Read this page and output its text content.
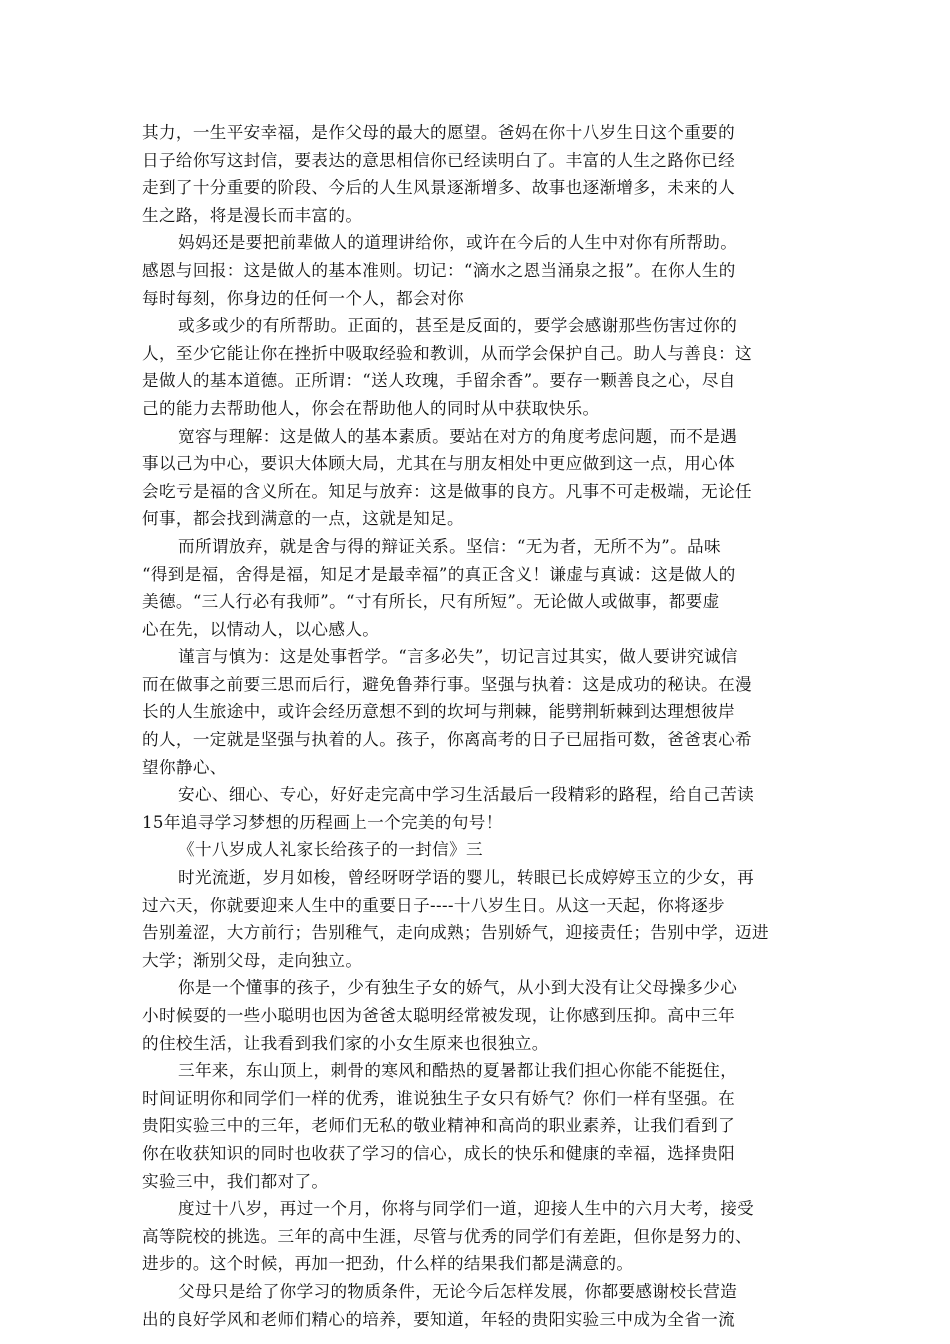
其力，一生平安幸福，是作父母的最大的愿望。爸妈在你十八岁生日这个重要的
日子给你写这封信，要表达的意思相信你已经读明白了。丰富的人生之路你已经
走到了十分重要的阶段、今后的人生风景逐渐增多、故事也逐渐增多，未来的人
生之路，将是漫长而丰富的。
妈妈还是要把前辈做人的道理讲给你，或许在今后的人生中对你有所帮助。
感恩与回报：这是做人的基本准则。切记：“滴水之恩当涌泉之报”。在你人生的
每时每刻，你身边的任何一个人，都会对你
或多或少的有所帮助。正面的，甚至是反面的，要学会感谢那些伤害过你的
人，至少它能让你在挫折中吸取经验和教训，从而学会保护自己。助人与善良：这
是做人的基本道德。正所谓：“送人玫瑰，手留余香”。要存一颗善良之心，尽自
己的能力去帮助他人，你会在帮助他人的同时从中获取快乐。
宽容与理解：这是做人的基本素质。要站在对方的角度考虑问题，而不是遇
事以己为中心，要识大体顾大局，尤其在与朋友相处中更应做到这一点，用心体
会吃亏是福的含义所在。知足与放弃：这是做事的良方。凡事不可走极端，无论任
何事，都会找到满意的一点，这就是知足。
而所谓放弃，就是舍与得的辩证关系。坚信：“无为者，无所不为”。品味
“得到是福，舍得是福，知足才是最幸福”的真正含义！谦虚与真诚：这是做人的
美德。“三人行必有我师”。“寸有所长，尺有所短”。无论做人或做事，都要虚
心在先，以情动人，以心感人。
谨言与慎为：这是处事哲学。“言多必失”，切记言过其实，做人要讲究诚信
而在做事之前要三思而后行，避免鲁莽行事。坚强与执着：这是成功的秘诀。在漫
长的人生旅途中，或许会经历意想不到的坎坷与荆棘，能劈荆斩棘到达理想彼岸
的人，一定就是坚强与执着的人。孩子，你离高考的日子已屈指可数，爸爸衷心希
望你静心、
安心、细心、专心，好好走完高中学习生活最后一段精彩的路程，给自己苦读
15年追寻学习梦想的历程画上一个完美的句号！
《十八岁成人礼家长给孩子的一封信》三
时光流逝，岁月如梭，曾经呀呀学语的婴儿，转眼已长成婷婷玉立的少女，再
过六天，你就要迎来人生中的重要日子----十八岁生日。从这一天起，你将逐步
告别羞涩，大方前行；告别稚气，走向成熟；告别娇气，迎接责任；告别中学，迈进
大学；渐别父母，走向独立。
你是一个懂事的孩子，少有独生子女的娇气，从小到大没有让父母操多少心
小时候耍的一些小聪明也因为爸爸太聪明经常被发现，让你感到压抑。高中三年
的住校生活，让我看到我们家的小女生原来也很独立。
三年来，东山顶上，刺骨的寒风和酷热的夏暑都让我们担心你能不能挺住，
时间证明你和同学们一样的优秀，谁说独生子女只有娇气？你们一样有坚强。在
贵阳实验三中的三年，老师们无私的敬业精神和高尚的职业素养，让我们看到了
你在收获知识的同时也收获了学习的信心，成长的快乐和健康的幸福，选择贵阳
实验三中，我们都对了。
度过十八岁，再过一个月，你将与同学们一道，迎接人生中的六月大考，接受
高等院校的挑选。三年的高中生涯，尽管与优秀的同学们有差距，但你是努力的、
进步的。这个时候，再加一把劲，什么样的结果我们都是满意的。
父母只是给了你学习的物质条件，无论今后怎样发展，你都要感谢校长营造
出的良好学风和老师们精心的培养，要知道，年轻的贵阳实验三中成为全省一流
